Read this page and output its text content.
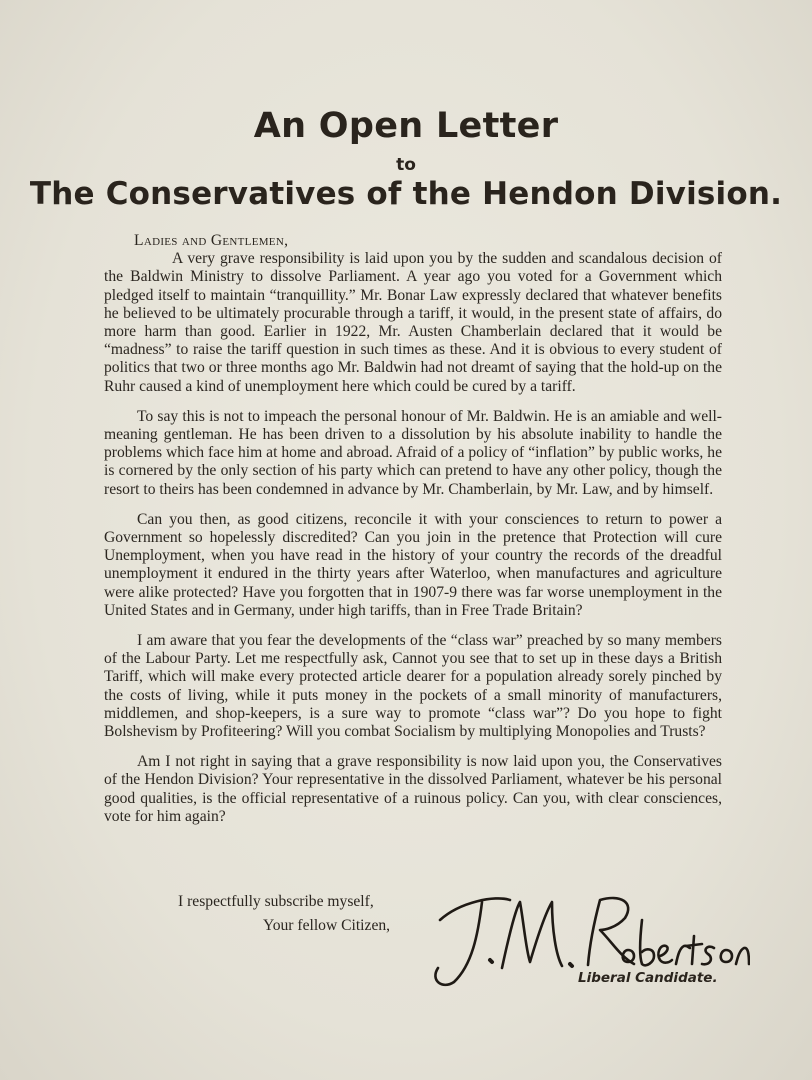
An Open Letter
to
The Conservatives of the Hendon Division.

Ladies and Gentlemen,

A very grave responsibility is laid upon you by the sudden and scandalous decision of the Baldwin Ministry to dissolve Parliament. A year ago you voted for a Government which pledged itself to maintain “tranquillity.” Mr. Bonar Law expressly declared that whatever benefits he believed to be ultimately procurable through a tariff, it would, in the present state of affairs, do more harm than good. Earlier in 1922, Mr. Austen Chamberlain declared that it would be “madness” to raise the tariff question in such times as these. And it is obvious to every student of politics that two or three months ago Mr. Baldwin had not dreamt of saying that the hold-up on the Ruhr caused a kind of unemployment here which could be cured by a tariff.

To say this is not to impeach the personal honour of Mr. Baldwin. He is an amiable and well-meaning gentleman. He has been driven to a dissolution by his absolute inability to handle the problems which face him at home and abroad. Afraid of a policy of “inflation” by public works, he is cornered by the only section of his party which can pretend to have any other policy, though the resort to theirs has been condemned in advance by Mr. Chamberlain, by Mr. Law, and by himself.

Can you then, as good citizens, reconcile it with your consciences to return to power a Government so hopelessly discredited? Can you join in the pretence that Protection will cure Unemployment, when you have read in the history of your country the records of the dreadful unemployment it endured in the thirty years after Waterloo, when manufactures and agriculture were alike protected? Have you forgotten that in 1907-9 there was far worse unemployment in the United States and in Germany, under high tariffs, than in Free Trade Britain?

I am aware that you fear the developments of the “class war” preached by so many members of the Labour Party. Let me respectfully ask, Cannot you see that to set up in these days a British Tariff, which will make every protected article dearer for a population already sorely pinched by the costs of living, while it puts money in the pockets of a small minority of manufacturers, middlemen, and shop-keepers, is a sure way to promote “class war”? Do you hope to fight Bolshevism by Profiteering? Will you combat Socialism by multiplying Monopolies and Trusts?

Am I not right in saying that a grave responsibility is now laid upon you, the Conservatives of the Hendon Division? Your representative in the dissolved Parliament, whatever be his personal good qualities, is the official representative of a ruinous policy. Can you, with clear consciences, vote for him again?

I respectfully subscribe myself,
Your fellow Citizen,
Liberal Candidate.
